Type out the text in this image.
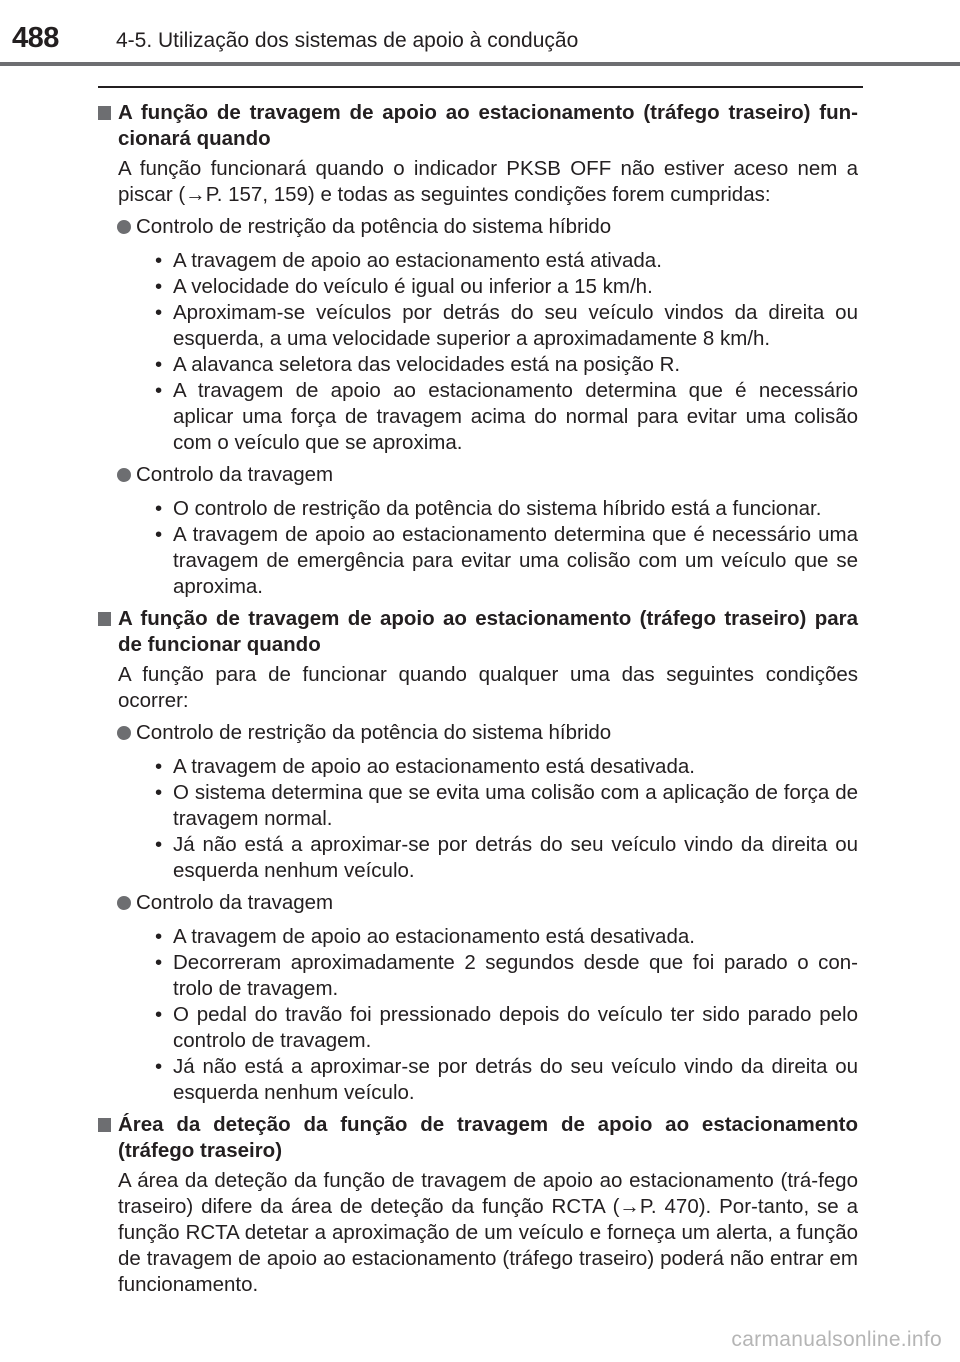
488	4-5. Utilização dos sistemas de apoio à condução
A função de travagem de apoio ao estacionamento (tráfego traseiro) fun-cionará quando
A função funcionará quando o indicador PKSB OFF não estiver aceso nem a piscar (→P. 157, 159) e todas as seguintes condições forem cumpridas:
Controlo de restrição da potência do sistema híbrido
• A travagem de apoio ao estacionamento está ativada.
• A velocidade do veículo é igual ou inferior a 15 km/h.
• Aproximam-se veículos por detrás do seu veículo vindos da direita ou esquerda, a uma velocidade superior a aproximadamente 8 km/h.
• A alavanca seletora das velocidades está na posição R.
• A travagem de apoio ao estacionamento determina que é necessário aplicar uma força de travagem acima do normal para evitar uma colisão com o veículo que se aproxima.
Controlo da travagem
• O controlo de restrição da potência do sistema híbrido está a funcionar.
• A travagem de apoio ao estacionamento determina que é necessário uma travagem de emergência para evitar uma colisão com um veículo que se aproxima.
A função de travagem de apoio ao estacionamento (tráfego traseiro) para de funcionar quando
A função para de funcionar quando qualquer uma das seguintes condições ocorrer:
Controlo de restrição da potência do sistema híbrido
• A travagem de apoio ao estacionamento está desativada.
• O sistema determina que se evita uma colisão com a aplicação de força de travagem normal.
• Já não está a aproximar-se por detrás do seu veículo vindo da direita ou esquerda nenhum veículo.
Controlo da travagem
• A travagem de apoio ao estacionamento está desativada.
• Decorreram aproximadamente 2 segundos desde que foi parado o con-trolo de travagem.
• O pedal do travão foi pressionado depois do veículo ter sido parado pelo controlo de travagem.
• Já não está a aproximar-se por detrás do seu veículo vindo da direita ou esquerda nenhum veículo.
Área da deteção da função de travagem de apoio ao estacionamento (tráfego traseiro)
A área da deteção da função de travagem de apoio ao estacionamento (trá-fego traseiro) difere da área de deteção da função RCTA (→P. 470). Por-tanto, se a função RCTA detetar a aproximação de um veículo e forneça um alerta, a função de travagem de apoio ao estacionamento (tráfego traseiro) poderá não entrar em funcionamento.
carmanualsonline.info
